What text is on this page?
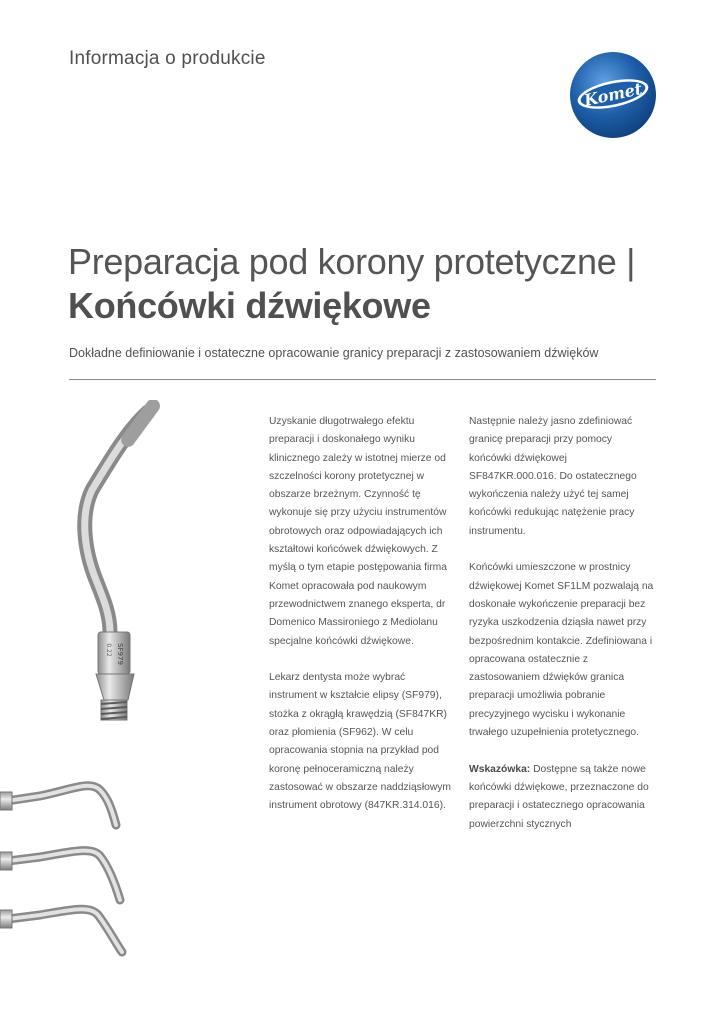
Informacja o produkcie
Komet
Preparacja pod korony protetyczne |
Końcówki dźwiękowe
Dokładne definiowanie i ostateczne opracowanie granicy preparacji z zastosowaniem dźwięków
SF979
0.22

Uzyskanie długotrwałego efektu preparacji i doskonałego wyniku klinicznego zależy w istotnej mierze od szczelności korony protetycznej w obszarze brzeżnym. Czynność tę wykonuje się przy użyciu instrumentów obrotowych oraz odpowiadających ich kształtowi końcówek dźwiękowych. Z myślą o tym etapie postępowania firma Komet opracowała pod naukowym przewodnictwem znanego eksperta, dr Domenico Massironiego z Mediolanu specjalne końcówki dźwiękowe.

Lekarz dentysta może wybrać instrument w kształcie elipsy (SF979), stożka z okrągłą krawędzią (SF847KR) oraz płomienia (SF962). W celu opracowania stopnia na przykład pod koronę pełnoceramiczną należy zastosować w obszarze naddziąsłowym instrument obrotowy (847KR.314.016).

Następnie należy jasno zdefiniować granicę preparacji przy pomocy końcówki dźwiękowej SF847KR.000.016. Do ostatecznego wykończenia należy użyć tej samej końcówki redukując natężenie pracy instrumentu.

Końcówki umieszczone w prostnicy dźwiękowej Komet SF1LM pozwalają na doskonałe wykończenie preparacji bez ryzyka uszkodzenia dziąsła nawet przy bezpośrednim kontakcie. Zdefiniowana i opracowana ostatecznie z zastosowaniem dźwięków granica preparacji umożliwia pobranie precyzyjnego wycisku i wykonanie trwałego uzupełnienia protetycznego.

Wskazówka: Dostępne są także nowe końcówki dźwiękowe, przeznaczone do preparacji i ostatecznego opracowania powierzchni stycznych
